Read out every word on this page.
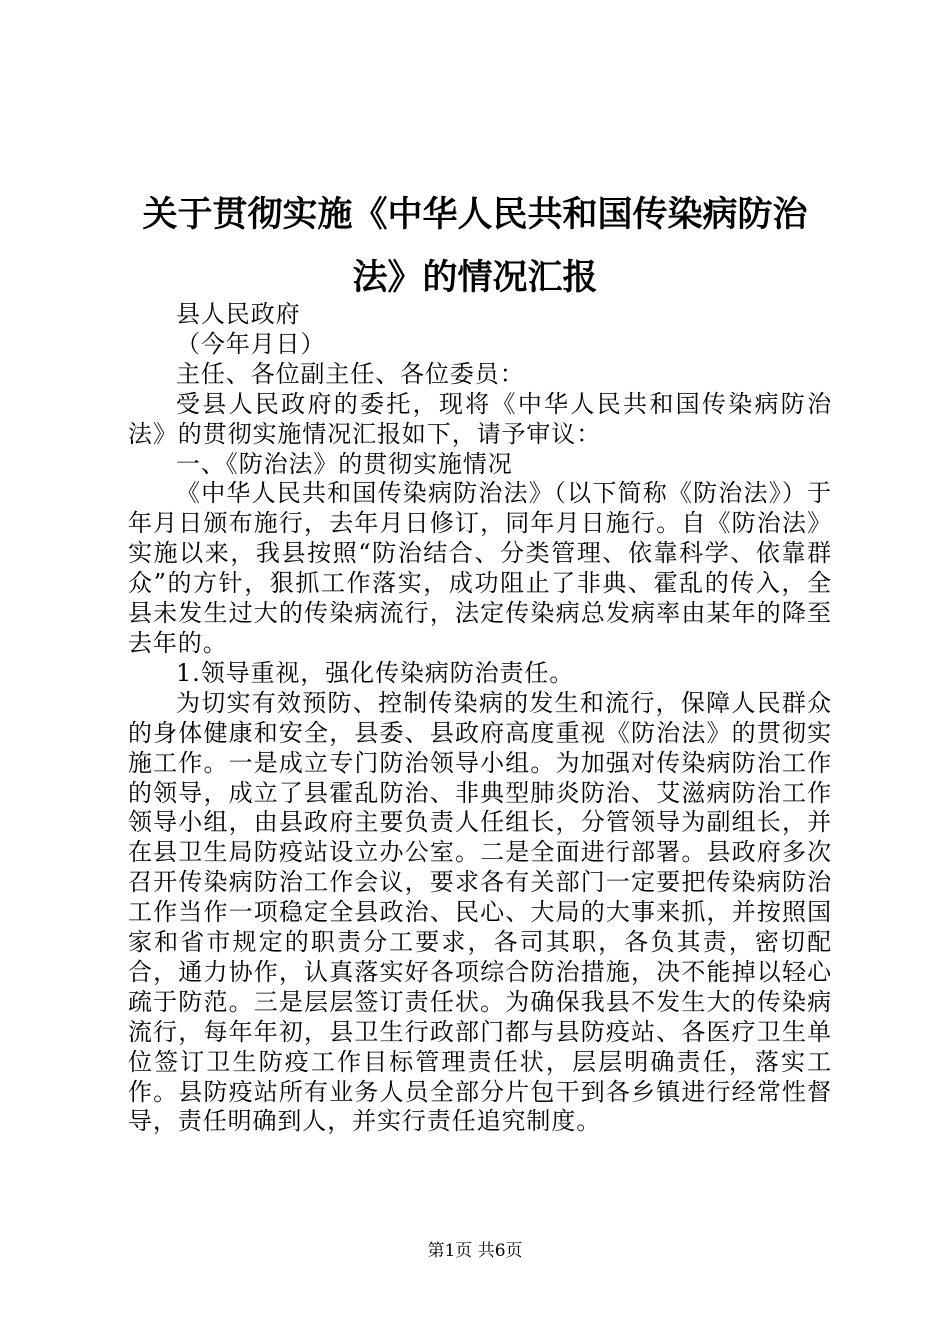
关于贯彻实施《中华人民共和国传染病防治法》的情况汇报

县人民政府

（今年月日）

主任、各位副主任、各位委员：

受县人民政府的委托，现将《中华人民共和国传染病防治法》的贯彻实施情况汇报如下，请予审议：

一、《防治法》的贯彻实施情况

《中华人民共和国传染病防治法》（以下简称《防治法》）于年月日颁布施行，去年月日修订，同年月日施行。自《防治法》实施以来，我县按照“防治结合、分类管理、依靠科学、依靠群众”的方针，狠抓工作落实，成功阻止了非典、霍乱的传入，全县未发生过大的传染病流行，法定传染病总发病率由某年的降至去年的。

1.领导重视，强化传染病防治责任。

为切实有效预防、控制传染病的发生和流行，保障人民群众的身体健康和安全，县委、县政府高度重视《防治法》的贯彻实施工作。一是成立专门防治领导小组。为加强对传染病防治工作的领导，成立了县霍乱防治、非典型肺炎防治、艾滋病防治工作领导小组，由县政府主要负责人任组长，分管领导为副组长，并在县卫生局防疫站设立办公室。二是全面进行部署。县政府多次召开传染病防治工作会议，要求各有关部门一定要把传染病防治工作当作一项稳定全县政治、民心、大局的大事来抓，并按照国家和省市规定的职责分工要求，各司其职，各负其责，密切配合，通力协作，认真落实好各项综合防治措施，决不能掉以轻心疏于防范。三是层层签订责任状。为确保我县不发生大的传染病流行，每年年初，县卫生行政部门都与县防疫站、各医疗卫生单位签订卫生防疫工作目标管理责任状，层层明确责任，落实工作。县防疫站所有业务人员全部分片包干到各乡镇进行经常性督导，责任明确到人，并实行责任追究制度。

第1页 共6页
